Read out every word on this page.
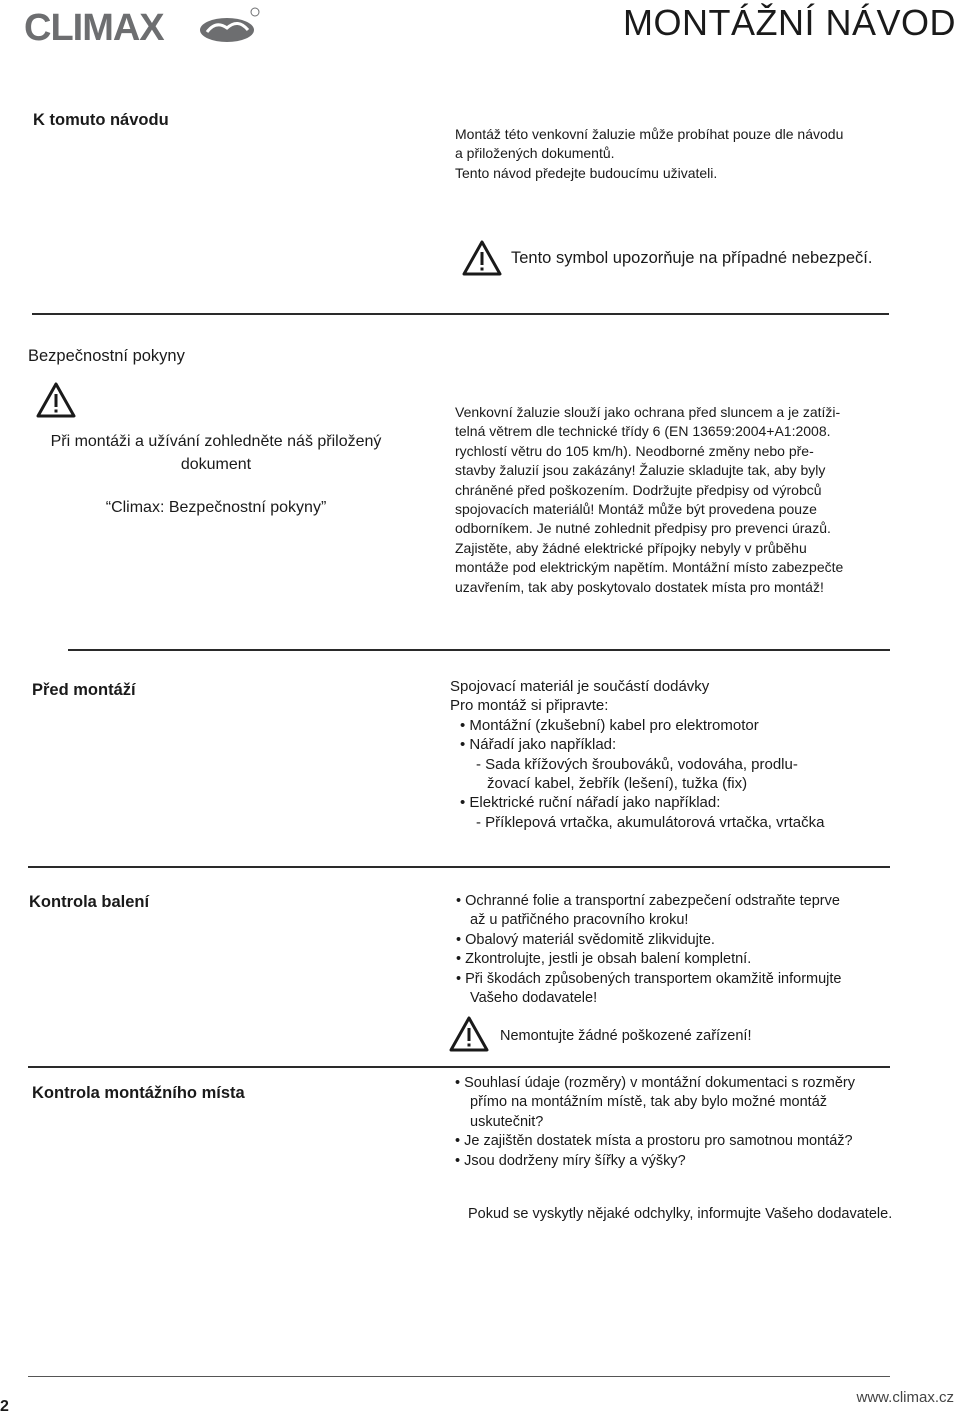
CLIMAX	MONTÁŽNÍ NÁVOD
K tomuto návodu
Montáž této venkovní žaluzie může probíhat pouze dle návodu
a přiložených dokumentů.
Tento návod předejte budoucímu uživateli.
Tento symbol upozorňuje na případné nebezpečí.
Bezpečnostní pokyny
Při montáži a užívání zohledněte náš přiložený
dokument
“Climax: Bezpečnostní pokyny”
Venkovní žaluzie slouží jako ochrana před sluncem a je zatíži-
telná větrem dle technické třídy 6 (EN 13659:2004+A1:2008.
rychlostí větru do 105 km/h). Neodborné změny nebo pře-
stavby žaluzií jsou zakázány! Žaluzie skladujte tak, aby byly
chráněné před poškozením. Dodržujte předpisy od výrobců
spojovacích materiálů! Montáž může být provedena pouze
odborníkem. Je nutné zohlednit předpisy pro prevenci úrazů.
Zajistěte, aby žádné elektrické přípojky nebyly v průběhu
montáže pod elektrickým napětím. Montážní místo zabezpečte
uzavřením, tak aby poskytovalo dostatek místa pro montáž!
Před montáží	Spojovací materiál je součástí dodávky
Pro montáž si připravte:
• Montážní (zkušební) kabel pro elektromotor
• Nářadí jako například:
- Sada křížových šroubováků, vodováha, prodlu-
žovací kabel, žebřík (lešení), tužka (fix)
• Elektrické ruční nářadí jako například:
- Příklepová vrtačka, akumulátorová vrtačka, vrtačka
Kontrola balení
•	Ochranné folie a transportní zabezpečení odstraňte teprve
až u patřičného pracovního kroku!
• Obalový materiál svědomitě zlikvidujte.
• Zkontrolujte, jestli je obsah balení kompletní.
• Při škodách způsobených transportem okamžitě informujte
Vašeho dodavatele!
Nemontujte žádné poškozené zařízení!
Kontrola montážního místa
• Souhlasí údaje (rozměry) v montážní dokumentaci s rozměry
přímo na montážním místě, tak aby bylo možné montáž
uskutečnit?
• Je zajištěn dostatek místa a prostoru pro samotnou montáž?
• Jsou dodrženy míry šířky a výšky?
Pokud se vyskytly nějaké odchylky, informujte Vašeho dodavatele.
2
www.climax.cz
